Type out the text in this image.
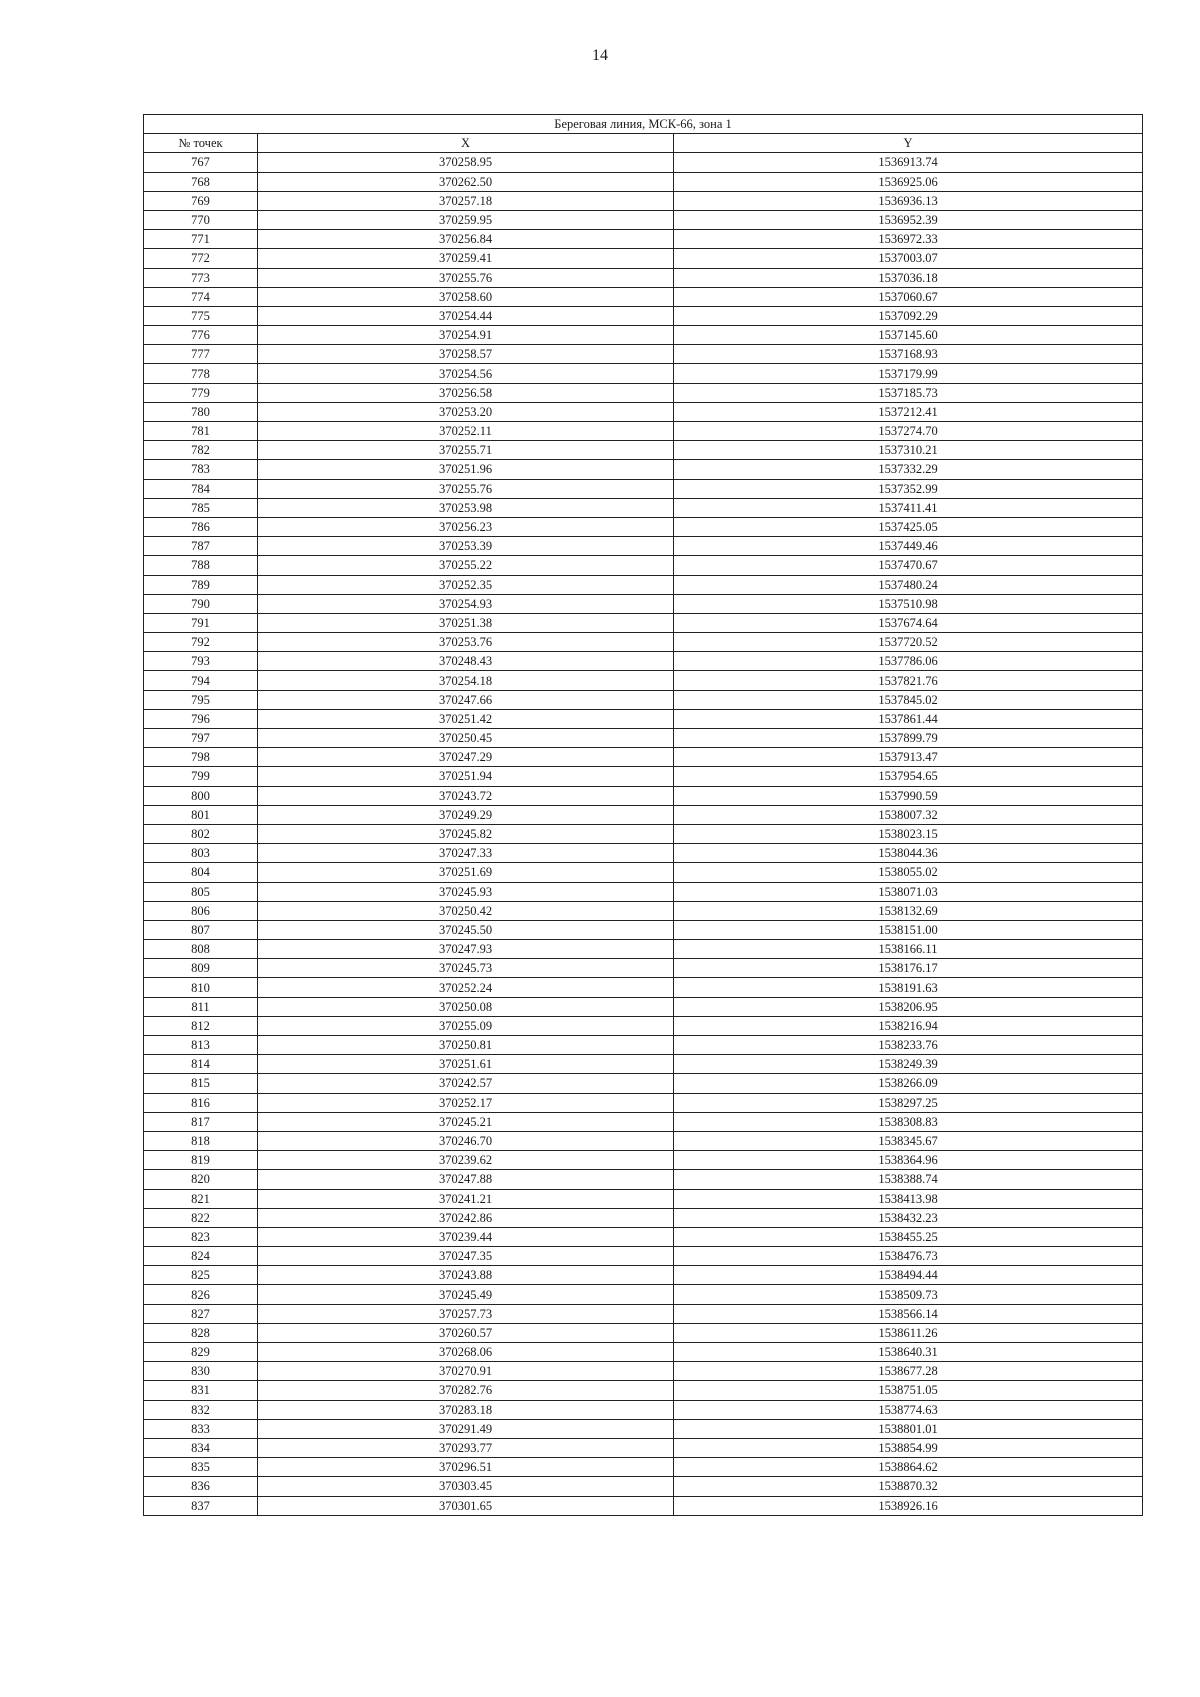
14
Береговая линия, МСК-66, зона 1		
№ точек	X	Y
767	370258.95	1536913.74
768	370262.50	1536925.06
769	370257.18	1536936.13
770	370259.95	1536952.39
771	370256.84	1536972.33
772	370259.41	1537003.07
773	370255.76	1537036.18
774	370258.60	1537060.67
775	370254.44	1537092.29
776	370254.91	1537145.60
777	370258.57	1537168.93
778	370254.56	1537179.99
779	370256.58	1537185.73
780	370253.20	1537212.41
781	370252.11	1537274.70
782	370255.71	1537310.21
783	370251.96	1537332.29
784	370255.76	1537352.99
785	370253.98	1537411.41
786	370256.23	1537425.05
787	370253.39	1537449.46
788	370255.22	1537470.67
789	370252.35	1537480.24
790	370254.93	1537510.98
791	370251.38	1537674.64
792	370253.76	1537720.52
793	370248.43	1537786.06
794	370254.18	1537821.76
795	370247.66	1537845.02
796	370251.42	1537861.44
797	370250.45	1537899.79
798	370247.29	1537913.47
799	370251.94	1537954.65
800	370243.72	1537990.59
801	370249.29	1538007.32
802	370245.82	1538023.15
803	370247.33	1538044.36
804	370251.69	1538055.02
805	370245.93	1538071.03
806	370250.42	1538132.69
807	370245.50	1538151.00
808	370247.93	1538166.11
809	370245.73	1538176.17
810	370252.24	1538191.63
811	370250.08	1538206.95
812	370255.09	1538216.94
813	370250.81	1538233.76
814	370251.61	1538249.39
815	370242.57	1538266.09
816	370252.17	1538297.25
817	370245.21	1538308.83
818	370246.70	1538345.67
819	370239.62	1538364.96
820	370247.88	1538388.74
821	370241.21	1538413.98
822	370242.86	1538432.23
823	370239.44	1538455.25
824	370247.35	1538476.73
825	370243.88	1538494.44
826	370245.49	1538509.73
827	370257.73	1538566.14
828	370260.57	1538611.26
829	370268.06	1538640.31
830	370270.91	1538677.28
831	370282.76	1538751.05
832	370283.18	1538774.63
833	370291.49	1538801.01
834	370293.77	1538854.99
835	370296.51	1538864.62
836	370303.45	1538870.32
837	370301.65	1538926.16
